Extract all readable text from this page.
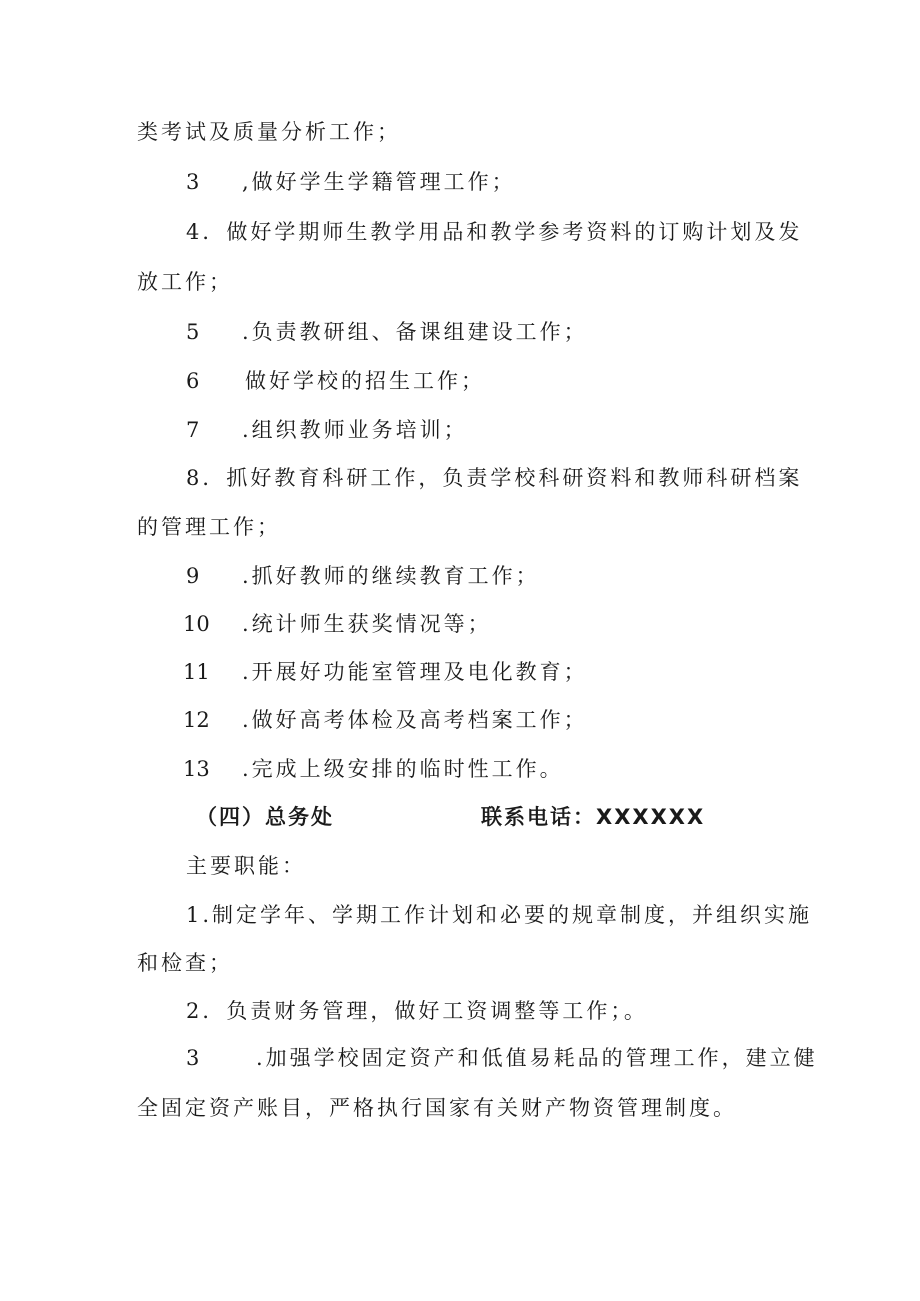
类考试及质量分析工作；
3 ,做好学生学籍管理工作；
4．做好学期师生教学用品和教学参考资料的订购计划及发
放工作；
5 .负责教研组、备课组建设工作；
6 做好学校的招生工作；
7 .组织教师业务培训；
8．抓好教育科研工作，负责学校科研资料和教师科研档案
的管理工作；
9 .抓好教师的继续教育工作；
10 .统计师生获奖情况等；
11 .开展好功能室管理及电化教育；
12 .做好高考体检及高考档案工作；
13 .完成上级安排的临时性工作。
（四）总务处	联系电话：XXXXXX
主要职能：
1.制定学年、学期工作计划和必要的规章制度，并组织实施
和检查；
2．负责财务管理，做好工资调整等工作；。
3	.加强学校固定资产和低值易耗品的管理工作，建立健
全固定资产账目，严格执行国家有关财产物资管理制度。
